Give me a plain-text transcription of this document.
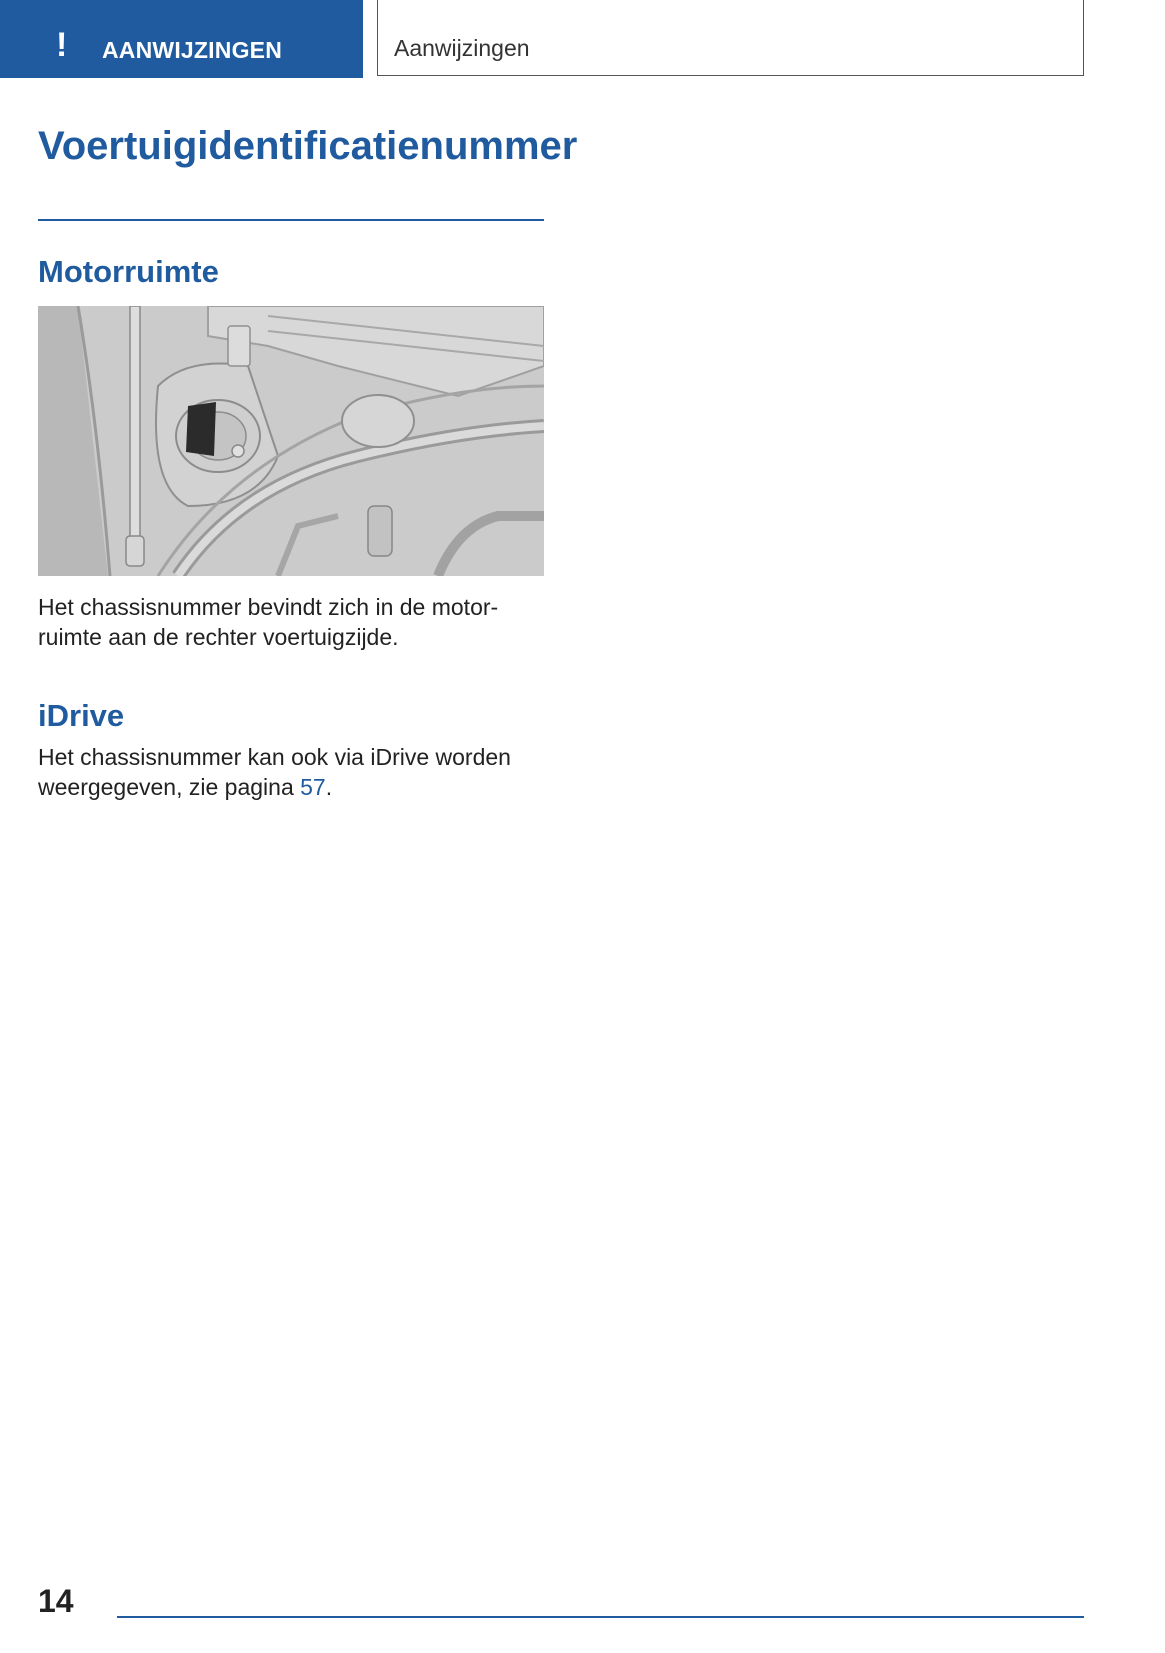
! AANWIJZINGEN	Aanwijzingen
Voertuigidentificatienummer
Motorruimte
Het chassisnummer bevindt zich in de motor- ruimte aan de rechter voertuigzijde.
iDrive
Het chassisnummer kan ook via iDrive worden weergegeven, zie pagina 57.
14
